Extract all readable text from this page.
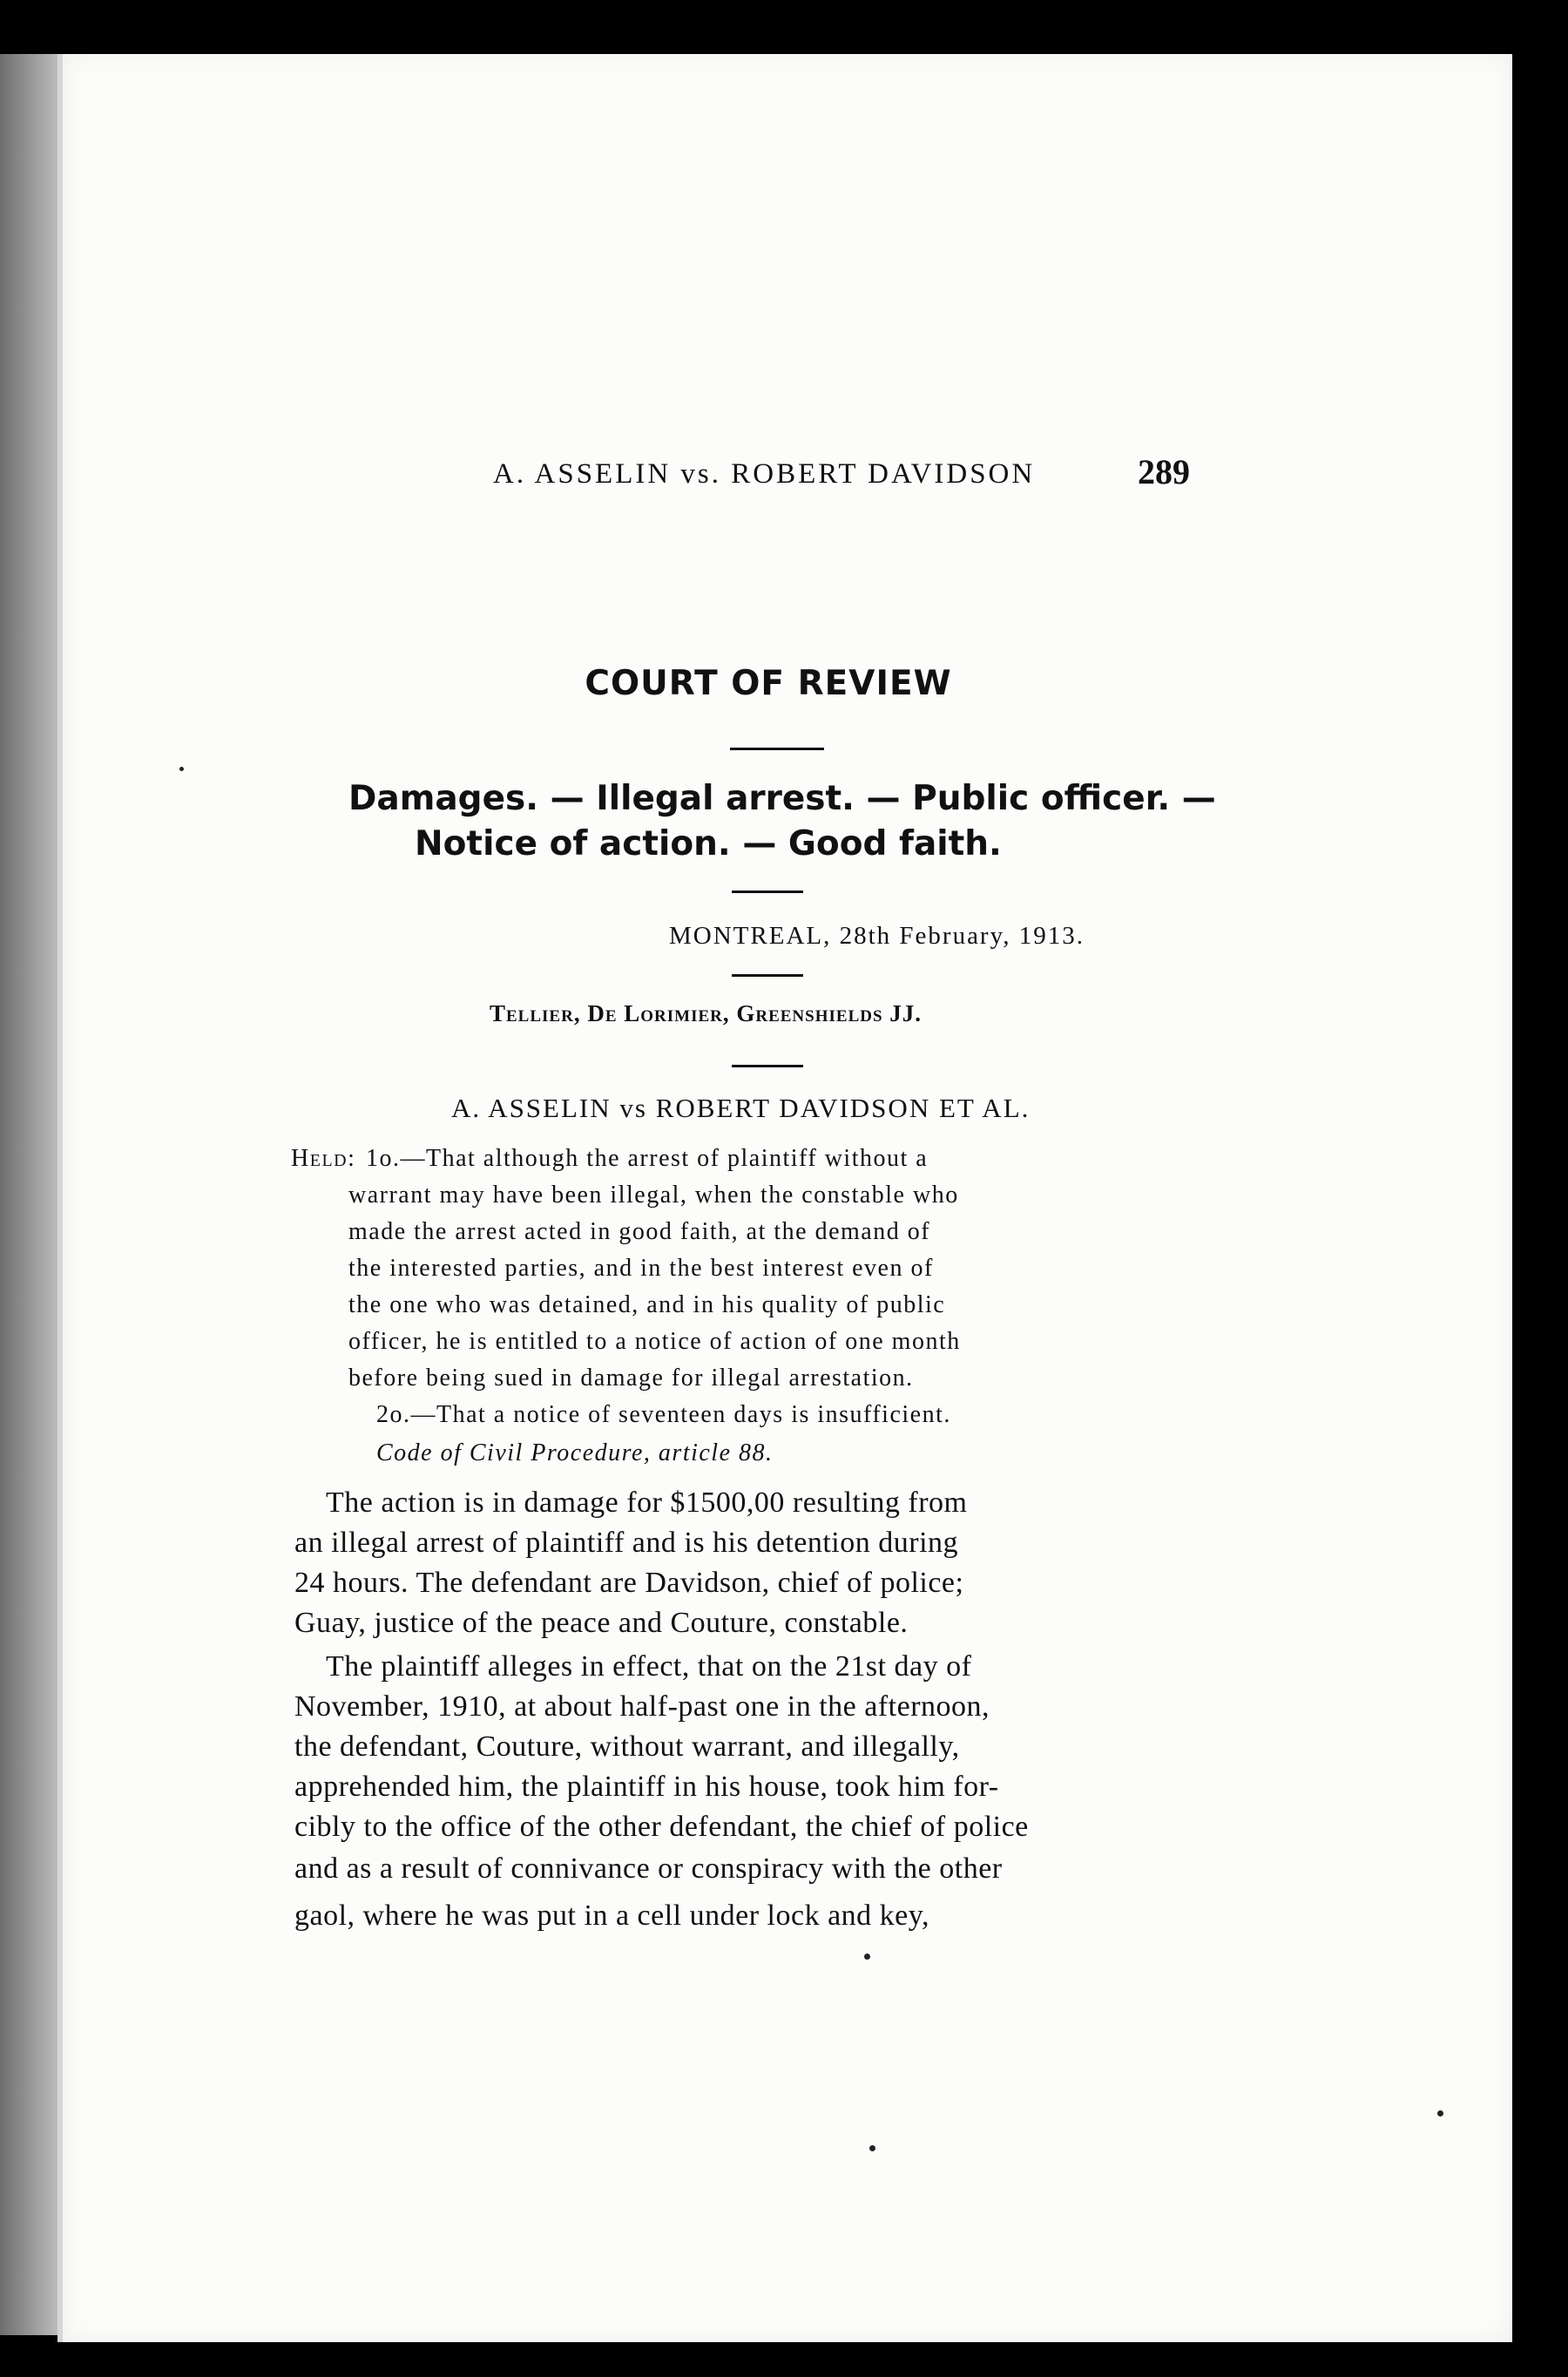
A. ASSELIN vs. ROBERT DAVIDSON	289
COURT OF REVIEW
Damages. — Illegal arrest. — Public officer. —
Notice of action. — Good faith.
MONTREAL, 28th February, 1913.
Tellier, De Lorimier, Greenshields JJ.
A. ASSELIN vs ROBERT DAVIDSON ET AL.
Held: 1o.—That although the arrest of plaintiff without a
warrant may have been illegal, when the constable who
made the arrest acted in good faith, at the demand of
the interested parties, and in the best interest even of
the one who was detained, and in his quality of public
officer, he is entitled to a notice of action of one month
before being sued in damage for illegal arrestation.
2o.—That a notice of seventeen days is insufficient.
Code of Civil Procedure, article 88.
The action is in damage for $1500,00 resulting from
an illegal arrest of plaintiff and is his detention during
24 hours. The defendant are Davidson, chief of police;
Guay, justice of the peace and Couture, constable.
The plaintiff alleges in effect, that on the 21st day of
November, 1910, at about half-past one in the afternoon,
the defendant, Couture, without warrant, and illegally,
apprehended him, the plaintiff in his house, took him for-
cibly to the office of the other defendant, the chief of police
and as a result of connivance or conspiracy with the other
gaol, where he was put in a cell under lock and key,
